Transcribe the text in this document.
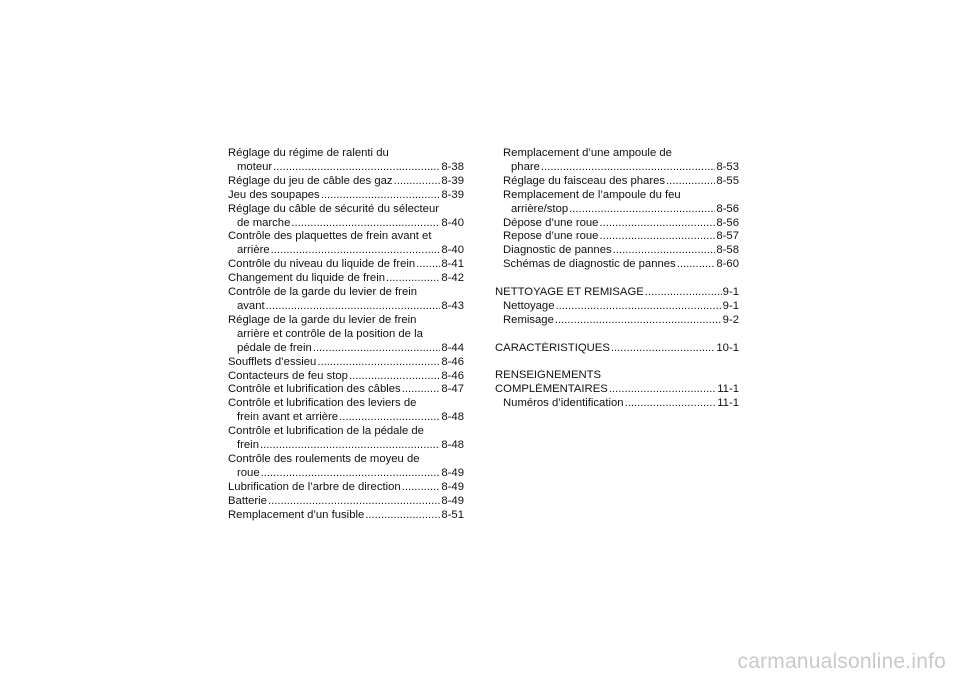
Réglage du régime de ralenti du
moteur .....	8-38
Réglage du jeu de câble des gaz .....	8-39
Jeu des soupapes .....	8-39
Réglage du câble de sécurité du sélecteur
de marche .....	8-40
Contrôle des plaquettes de frein avant et
arrière .....	8-40
Contrôle du niveau du liquide de frein ..... 8-41
Changement du liquide de frein .....	8-42
Contrôle de la garde du levier de frein
avant .....	8-43
Réglage de la garde du levier de frein
arrière et contrôle de la position de la
pédale de frein .....	8-44
Soufflets d’essieu .....	8-46
Contacteurs de feu stop .....	8-46
Contrôle et lubrification des câbles .....	8-47
Contrôle et lubrification des leviers de
frein avant et arrière .....	8-48
Contrôle et lubrification de la pédale de
frein .....	8-48
Contrôle des roulements de moyeu de
roue .....	8-49
Lubrification de l’arbre de direction .....	8-49
Batterie .....	8-49
Remplacement d’un fusible .....	8-51
Remplacement d’une ampoule de
phare .....	8-53
Réglage du faisceau des phares .....	8-55
Remplacement de l’ampoule du feu
arrière/stop .....	8-56
Dépose d’une roue .....	8-56
Repose d’une roue .....	8-57
Diagnostic de pannes .....	8-58
Schémas de diagnostic de pannes .....	8-60
NETTOYAGE ET REMISAGE .....	9-1
Nettoyage .....	9-1
Remisage .....	9-2
CARACTÉRISTIQUES .....	10-1
RENSEIGNEMENTS
COMPLÉMENTAIRES .....	11-1
Numéros d’identification .....	11-1
carmanualsonline.info
